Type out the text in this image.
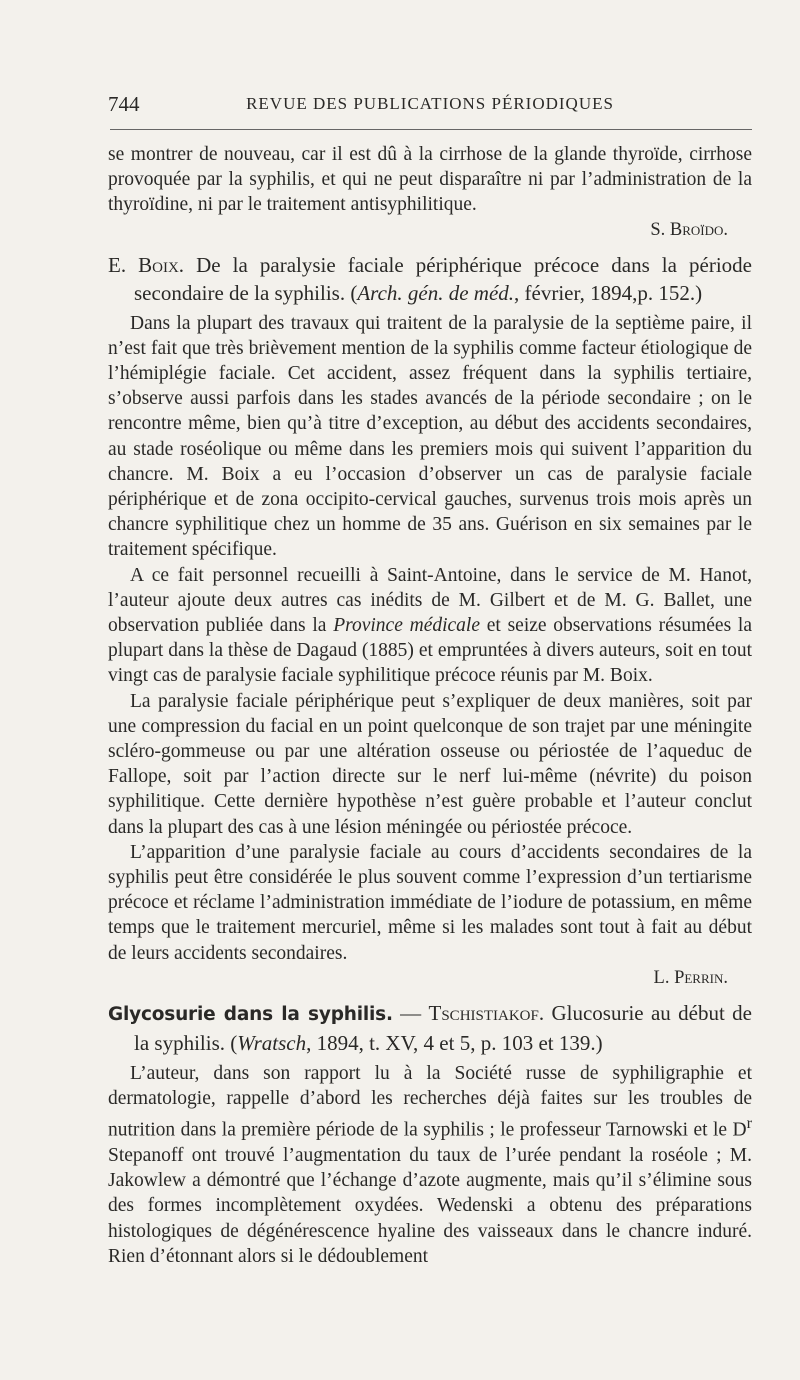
744	REVUE DES PUBLICATIONS PÉRIODIQUES

se montrer de nouveau, car il est dû à la cirrhose de la glande thyroïde, cirrhose provoquée par la syphilis, et qui ne peut disparaître ni par l’administration de la thyroïdine, ni par le traitement antisyphilitique.

S. Broïdo.

E. Boix. De la paralysie faciale périphérique précoce dans la période secondaire de la syphilis. (Arch. gén. de méd., février, 1894,p. 152.)

Dans la plupart des travaux qui traitent de la paralysie de la septième paire, il n’est fait que très brièvement mention de la syphilis comme facteur étiologique de l’hémiplégie faciale. Cet accident, assez fréquent dans la syphilis tertiaire, s’observe aussi parfois dans les stades avancés de la période secondaire ; on le rencontre même, bien qu’à titre d’exception, au début des accidents secondaires, au stade roséolique ou même dans les premiers mois qui suivent l’apparition du chancre. M. Boix a eu l’occasion d’observer un cas de paralysie faciale périphérique et de zona occipito-cervical gauches, survenus trois mois après un chancre syphilitique chez un homme de 35 ans. Guérison en six semaines par le traitement spécifique.

A ce fait personnel recueilli à Saint-Antoine, dans le service de M. Hanot, l’auteur ajoute deux autres cas inédits de M. Gilbert et de M. G. Ballet, une observation publiée dans la Province médicale et seize observations résumées la plupart dans la thèse de Dagaud (1885) et empruntées à divers auteurs, soit en tout vingt cas de paralysie faciale syphilitique précoce réunis par M. Boix.

La paralysie faciale périphérique peut s’expliquer de deux manières, soit par une compression du facial en un point quelconque de son trajet par une méningite scléro-gommeuse ou par une altération osseuse ou périostée de l’aqueduc de Fallope, soit par l’action directe sur le nerf lui-même (névrite) du poison syphilitique. Cette dernière hypothèse n’est guère probable et l’auteur conclut dans la plupart des cas à une lésion méningée ou périostée précoce.

L’apparition d’une paralysie faciale au cours d’accidents secondaires de la syphilis peut être considérée le plus souvent comme l’expression d’un tertiarisme précoce et réclame l’administration immédiate de l’iodure de potassium, en même temps que le traitement mercuriel, même si les malades sont tout à fait au début de leurs accidents secondaires.

L. Perrin.

Glycosurie dans la syphilis. — Tschistiakof. Glucosurie au début de la syphilis. (Wratsch, 1894, t. XV, 4 et 5, p. 103 et 139.)

L’auteur, dans son rapport lu à la Société russe de syphiligraphie et dermatologie, rappelle d’abord les recherches déjà faites sur les troubles de nutrition dans la première période de la syphilis ; le professeur Tarnowski et le $D^r$ Stepanoff ont trouvé l’augmentation du taux de l’urée pendant la roséole ; M. Jakowlew a démontré que l’échange d’azote augmente, mais qu’il s’élimine sous des formes incomplètement oxydées. Wedenski a obtenu des préparations histologiques de dégénérescence hyaline des vaisseaux dans le chancre induré. Rien d’étonnant alors si le dédoublement
